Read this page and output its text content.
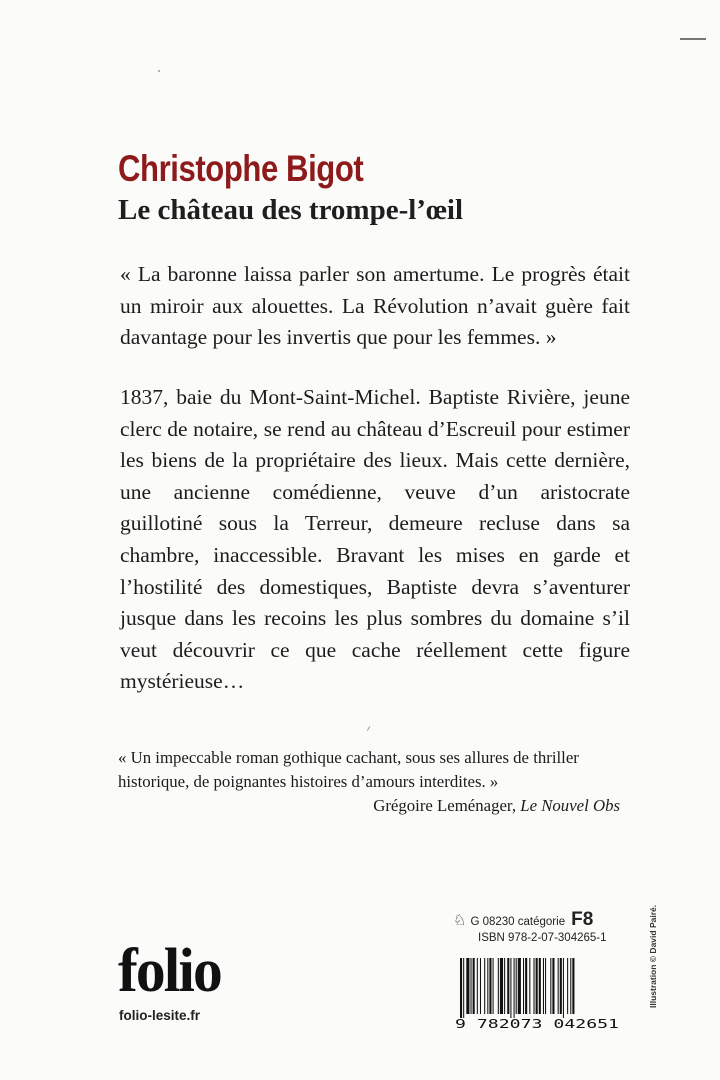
Christophe Bigot
Le château des trompe-l’œil

« La baronne laissa parler son amertume. Le progrès était un miroir aux alouettes. La Révolution n’avait guère fait davantage pour les invertis que pour les femmes. »

1837, baie du Mont-Saint-Michel. Baptiste Rivière, jeune clerc de notaire, se rend au château d’Escreuil pour estimer les biens de la propriétaire des lieux. Mais cette dernière, une ancienne comédienne, veuve d’un aristocrate guillotiné sous la Terreur, demeure recluse dans sa chambre, inaccessible. Bravant les mises en garde et l’hostilité des domestiques, Baptiste devra s’aventurer jusque dans les recoins les plus sombres du domaine s’il veut découvrir ce que cache réellement cette figure mystérieuse…

« Un impeccable roman gothique cachant, sous ses allures de thriller historique, de poignantes histoires d’amours interdites. »

Grégoire Leménager, Le Nouvel Obs

folio
folio-lesite.fr
♘ G 08230
catégorie F8
ISBN 978-2-07-304265-1
9 782073 042651
Illustration © David Pairé.
